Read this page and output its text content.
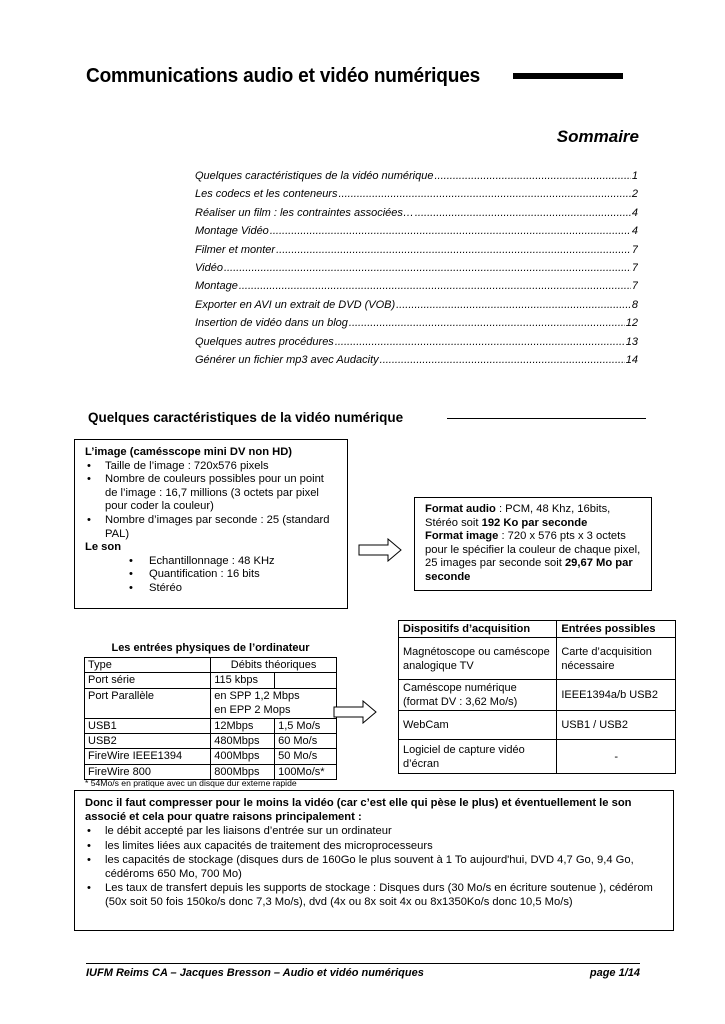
Communications audio et vidéo numériques
Sommaire
Quelques caractéristiques de la vidéo numérique .....	1
Les codecs et les conteneurs .....	2
Réaliser un film : les contraintes associées… .....	4
Montage Vidéo .....	4
Filmer et monter .....	7
Vidéo .....	7
Montage .....	7
Exporter en AVI un extrait de DVD (VOB) .....	8
Insertion de vidéo dans un blog .....	12
Quelques autres procédures .....	13
Générer un fichier mp3 avec Audacity .....	14
Quelques caractéristiques de la vidéo numérique
L’image (camésscope mini DV non HD)
• Taille de l’image : 720x576 pixels
• Nombre de couleurs possibles pour un point de l’image : 16,7 millions (3 octets par pixel pour coder la couleur)
• Nombre d’images par seconde : 25 (standard PAL)
Le son
• Echantillonnage : 48 KHz
• Quantification : 16 bits
• Stéréo
Format audio : PCM, 48 Khz, 16bits, Stéréo soit 192 Ko par seconde
Format image : 720 x 576 pts x 3 octets pour le spécifier la couleur de chaque pixel, 25 images par seconde soit 29,67 Mo par seconde
Les entrées physiques de l’ordinateur
Type	Débits théoriques	
Port série	115 kbps	
Port Parallèle	en SPP 1,2 Mbps
en EPP 2 Mops	

USB1	12Mbps	1,5 Mo/s
USB2	480Mbps	60 Mo/s
FireWire IEEE1394	400Mbps	50 Mo/s
FireWire 800	800Mbps	100Mo/s*
* 54Mo/s en pratique avec un disque dur externe rapide
Dispositifs d’acquisition	Entrées possibles
Magnétoscope ou caméscope analogique TV	Carte d’acquisition nécessaire
Caméscope numérique (format DV : 3,62 Mo/s)	IEEE1394a/b USB2
WebCam	USB1 / USB2
Logiciel de capture vidéo d’écran	-
Donc il faut compresser pour le moins la vidéo (car c’est elle qui pèse le plus) et éventuellement le son associé et cela pour quatre raisons principalement :
• le débit accepté par les liaisons d’entrée sur un ordinateur
• les limites liées aux capacités de traitement des microprocesseurs
• les capacités de stockage (disques durs de 160Go le plus souvent à 1 To aujourd'hui, DVD 4,7 Go, 9,4 Go, cédéroms 650 Mo, 700 Mo)
• Les taux de transfert depuis les supports de stockage : Disques durs (30 Mo/s en écriture soutenue ), cédérom (50x soit 50 fois 150ko/s donc 7,3 Mo/s), dvd (4x ou 8x soit 4x ou 8x1350Ko/s donc 10,5 Mo/s)
IUFM Reims CA – Jacques Bresson – Audio et vidéo numériques	page 1/14
